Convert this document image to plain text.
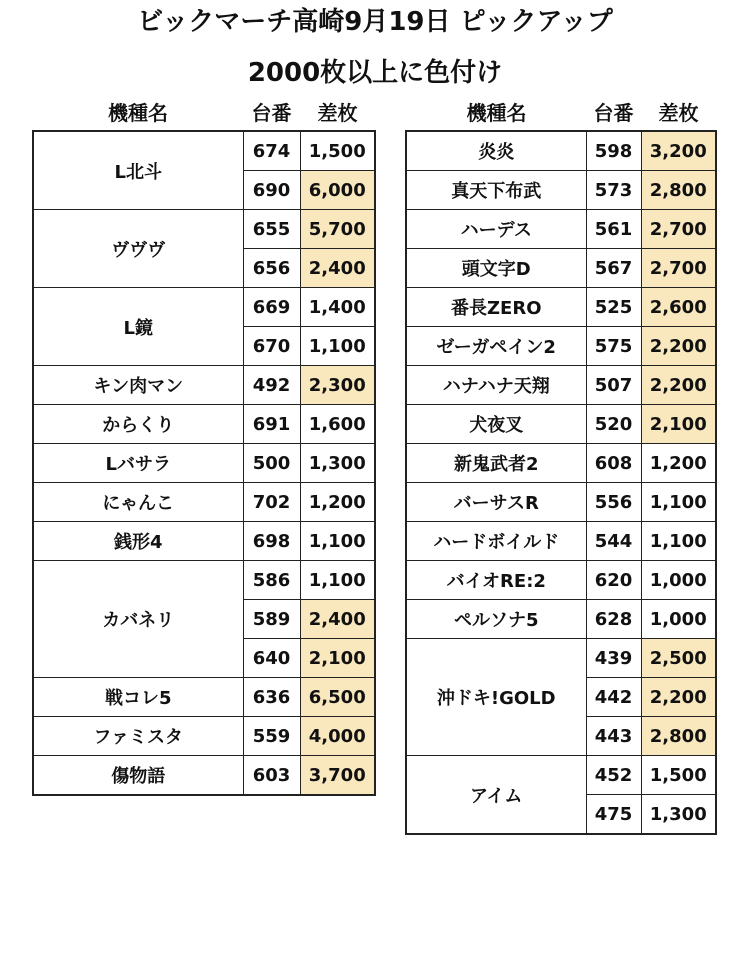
ビックマーチ高崎9月19日 ピックアップ
2000枚以上に色付け
機種名	台番	差枚	機種名	台番	差枚
L北斗	674	1,500
	690	6,000
ヴヴヴ	655	5,700
	656	2,400
L鏡	669	1,400
	670	1,100
キン肉マン	492	2,300
からくり	691	1,600
Lバサラ	500	1,300
にゃんこ	702	1,200
銭形4	698	1,100
カバネリ	586	1,100
	589	2,400
	640	2,100
戦コレ5	636	6,500
ファミスタ	559	4,000
傷物語	603	3,700
炎炎	598	3,200
真天下布武	573	2,800
ハーデス	561	2,700
頭文字D	567	2,700
番長ZERO	525	2,600
ゼーガペイン2	575	2,200
ハナハナ天翔	507	2,200
犬夜叉	520	2,100
新鬼武者2	608	1,200
バーサスR	556	1,100
ハードボイルド	544	1,100
バイオRE:2	620	1,000
ペルソナ5	628	1,000
沖ドキ!GOLD	439	2,500
	442	2,200
	443	2,800
アイム	452	1,500
	475	1,300
